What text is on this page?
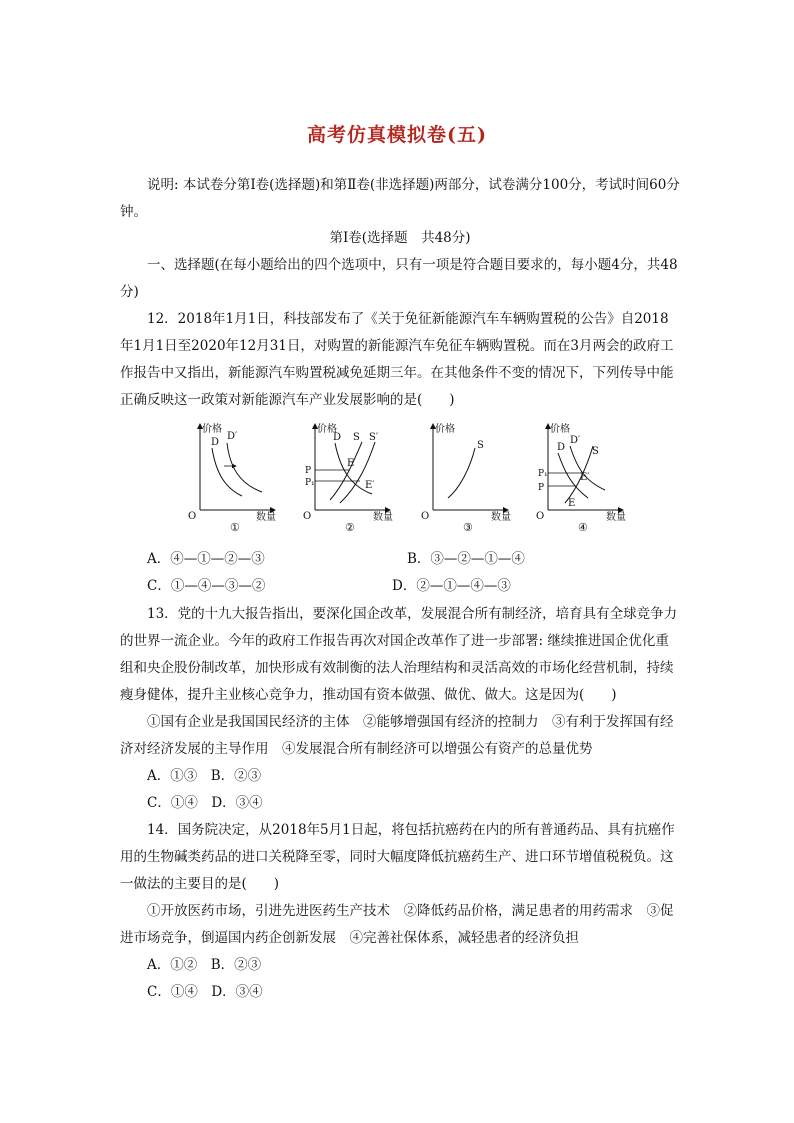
高考仿真模拟卷(五)
说明: 本试卷分第Ⅰ卷(选择题)和第Ⅱ卷(非选择题)两部分，试卷满分100分，考试时间60分钟。
第Ⅰ卷(选择题　共48分)
一、选择题(在每小题给出的四个选项中，只有一项是符合题目要求的，每小题4分，共48分)
12．2018年1月1日，科技部发布了《关于免征新能源汽车车辆购置税的公告》自2018年1月1日至2020年12月31日，对购置的新能源汽车免征车辆购置税。而在3月两会的政府工作报告中又指出，新能源汽车购置税减免延期三年。在其他条件不变的情况下，下列传导中能正确反映这一政策对新能源汽车产业发展影响的是(　　)
价格
数量
O
D
D′
①
价格
数量
O
D S S′
P
P₁
E
E′
②
价格
数量
O
S
③
价格
数量
O
D
D′
S
P₁
P
E′
E
④
A．④—①—②—③	B．③—②—①—④
C．①—④—③—②	D．②—①—④—③
13．党的十九大报告指出，要深化国企改革，发展混合所有制经济，培育具有全球竞争力的世界一流企业。今年的政府工作报告再次对国企改革作了进一步部署: 继续推进国企优化重组和央企股份制改革，加快形成有效制衡的法人治理结构和灵活高效的市场化经营机制，持续瘦身健体，提升主业核心竞争力，推动国有资本做强、做优、做大。这是因为(　　)
①国有企业是我国国民经济的主体　②能够增强国有经济的控制力　③有利于发挥国有经济对经济发展的主导作用　④发展混合所有制经济可以增强公有资产的总量优势
A．①③　B．②③
C．①④　D．③④
14．国务院决定，从2018年5月1日起，将包括抗癌药在内的所有普通药品、具有抗癌作用的生物碱类药品的进口关税降至零，同时大幅度降低抗癌药生产、进口环节增值税税负。这一做法的主要目的是(　　)
①开放医药市场，引进先进医药生产技术　②降低药品价格，满足患者的用药需求　③促进市场竞争，倒逼国内药企创新发展　④完善社保体系，减轻患者的经济负担
A．①②　B．②③
C．①④　D．③④
